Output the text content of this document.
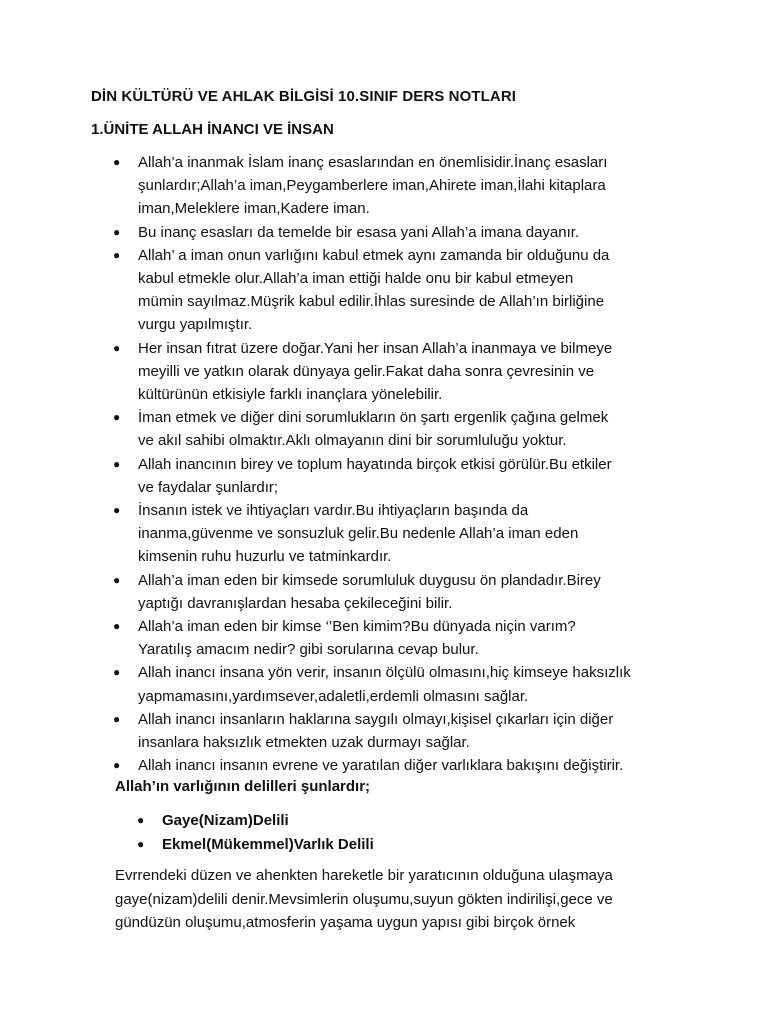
DİN KÜLTÜRÜ VE AHLAK BİLGİSİ 10.SINIF DERS NOTLARI
1.ÜNİTE ALLAH İNANCI VE İNSAN
● Allah’a inanmak İslam inanç esaslarından en önemlisidir.İnanç esasları
şunlardır;Allah’a iman,Peygamberlere iman,Ahirete iman,İlahi kitaplara
iman,Meleklere iman,Kadere iman.
● Bu inanç esasları da temelde bir esasa yani Allah’a imana dayanır.
● Allah’ a iman onun varlığını kabul etmek aynı zamanda bir olduğunu da
kabul etmekle olur.Allah’a iman ettiği halde onu bir kabul etmeyen
mümin sayılmaz.Müşrik kabul edilir.İhlas suresinde de Allah’ın birliğine
vurgu yapılmıştır.
● Her insan fıtrat üzere doğar.Yani her insan Allah’a inanmaya ve bilmeye
meyilli ve yatkın olarak dünyaya gelir.Fakat daha sonra çevresinin ve
kültürünün etkisiyle farklı inançlara yönelebilir.
● İman etmek ve diğer dini sorumlukların ön şartı ergenlik çağına gelmek
ve akıl sahibi olmaktır.Aklı olmayanın dini bir sorumluluğu yoktur.
● Allah inancının birey ve toplum hayatında birçok etkisi görülür.Bu etkiler
ve faydalar şunlardır;
● İnsanın istek ve ihtiyaçları vardır.Bu ihtiyaçların başında da
inanma,güvenme ve sonsuzluk gelir.Bu nedenle Allah’a iman eden
kimsenin ruhu huzurlu ve tatminkardır.
● Allah’a iman eden bir kimsede sorumluluk duygusu ön plandadır.Birey
yaptığı davranışlardan hesaba çekileceğini bilir.
● Allah’a iman eden bir kimse ‘’Ben kimim?Bu dünyada niçin varım?
Yaratılış amacım nedir? gibi sorularına cevap bulur.
● Allah inancı insana yön verir, insanın ölçülü olmasını,hiç kimseye haksızlık
yapmamasını,yardımsever,adaletli,erdemli olmasını sağlar.
● Allah inancı insanların haklarına saygılı olmayı,kişisel çıkarları için diğer
insanlara haksızlık etmekten uzak durmayı sağlar.
● Allah inancı insanın evrene ve yaratılan diğer varlıklara bakışını değiştirir.
Allah’ın varlığının delilleri şunlardır;
● Gaye(Nizam)Delili
● Ekmel(Mükemmel)Varlık Delili

Evrrendeki düzen ve ahenkten hareketle bir yaratıcının olduğuna ulaşmaya
gaye(nizam)delili denir.Mevsimlerin oluşumu,suyun gökten indirilişi,gece ve
gündüzün oluşumu,atmosferin yaşama uygun yapısı gibi birçok örnek
